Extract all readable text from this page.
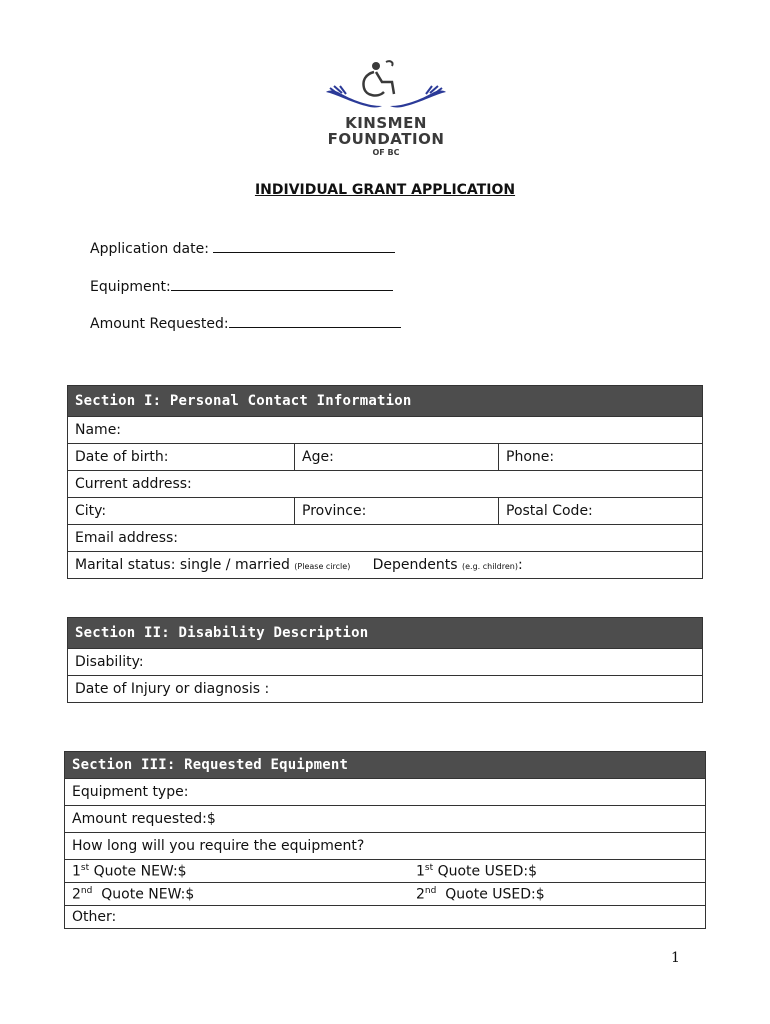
KINSMEN
FOUNDATION
OF BC
INDIVIDUAL GRANT APPLICATION
Application date:
Equipment:
Amount Requested:
Section I: Personal Contact Information		
Name:		
Date of birth:	Age:	Phone:
Current address:		
City:	Province:	Postal Code:
Email address:		
Marital status: single / married (Please circle) Dependents (e.g. children):		
Section II: Disability Description
Disability:
Date of Injury or diagnosis :
Section III: Requested Equipment	
Equipment type:	
Amount requested:$	
How long will you require the equipment?	
1st Quote NEW:$	1st Quote USED:$
2nd  Quote NEW:$	2nd  Quote USED:$
Other:	
1
